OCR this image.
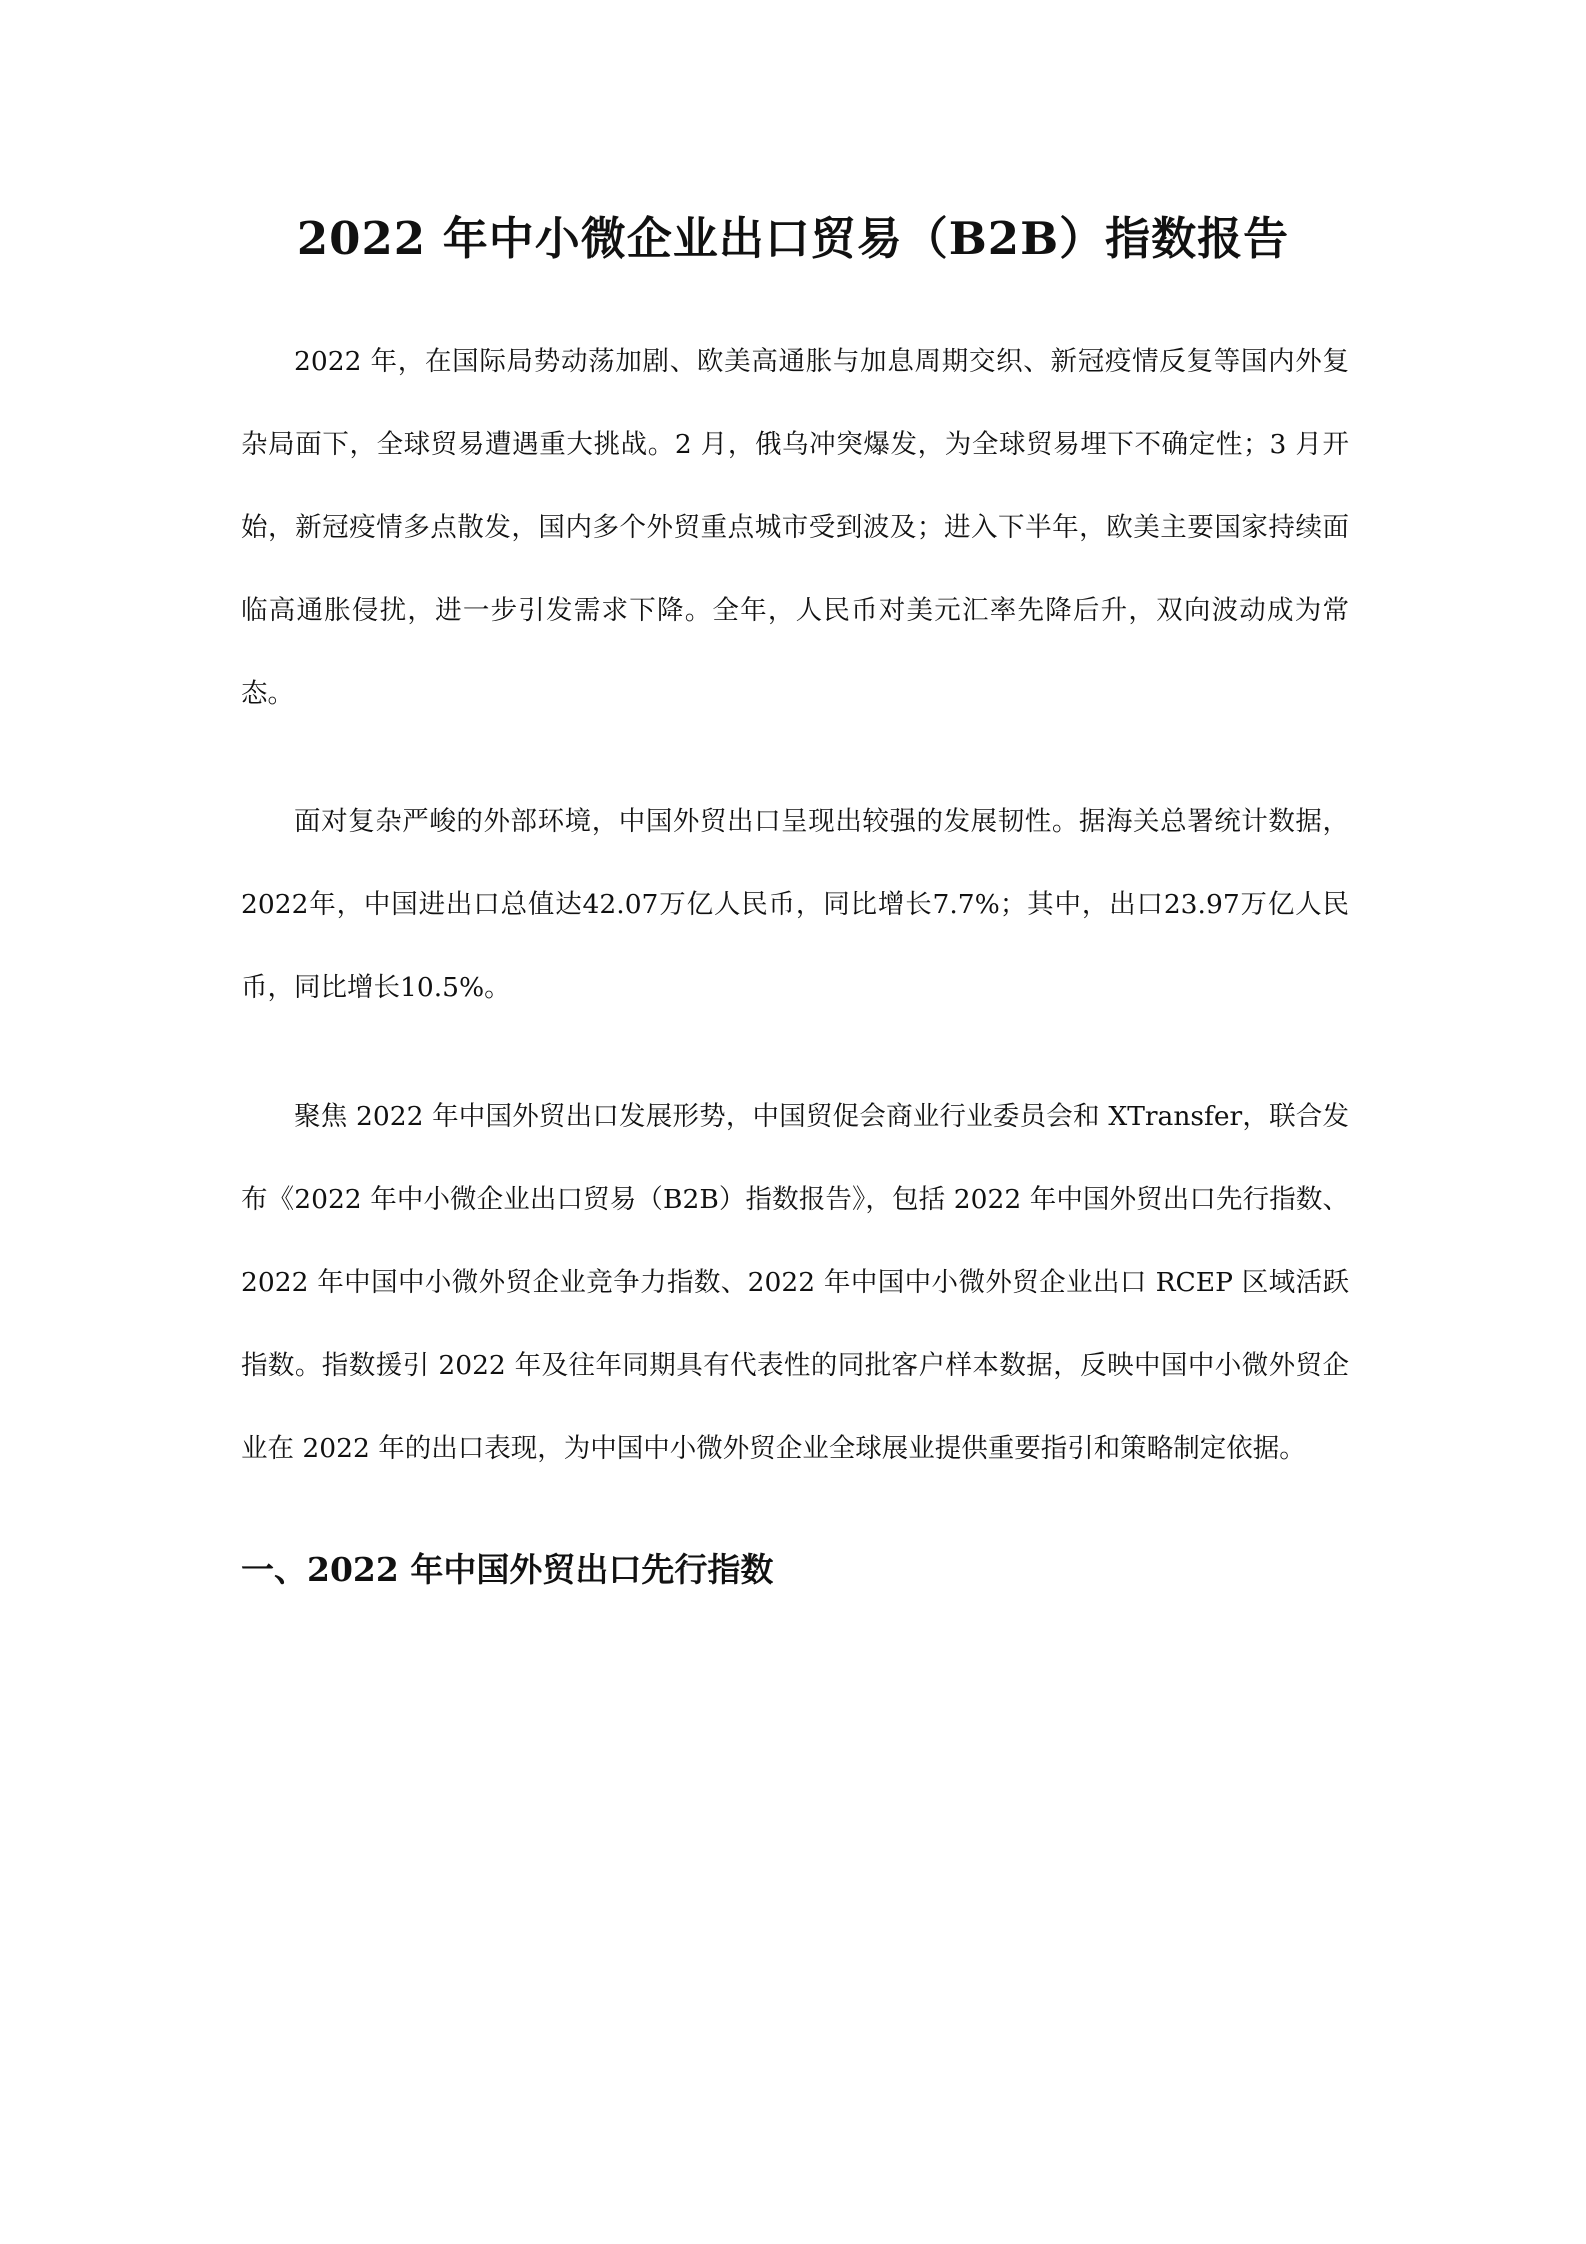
2022 年中小微企业出口贸易（B2B）指数报告

2022 年，在国际局势动荡加剧、欧美高通胀与加息周期交织、新冠疫情反复等国内外复杂局面下，全球贸易遭遇重大挑战。2 月，俄乌冲突爆发，为全球贸易埋下不确定性；3 月开始，新冠疫情多点散发，国内多个外贸重点城市受到波及；进入下半年，欧美主要国家持续面临高通胀侵扰，进一步引发需求下降。全年，人民币对美元汇率先降后升，双向波动成为常态。

面对复杂严峻的外部环境，中国外贸出口呈现出较强的发展韧性。据海关总署统计数据，2022年，中国进出口总值达42.07万亿人民币，同比增长7.7%；其中，出口23.97万亿人民币，同比增长10.5%。

聚焦 2022 年中国外贸出口发展形势，中国贸促会商业行业委员会和 XTransfer，联合发布《2022 年中小微企业出口贸易（B2B）指数报告》，包括 2022 年中国外贸出口先行指数、2022 年中国中小微外贸企业竞争力指数、2022 年中国中小微外贸企业出口 RCEP 区域活跃指数。指数援引 2022 年及往年同期具有代表性的同批客户样本数据，反映中国中小微外贸企业在 2022 年的出口表现，为中国中小微外贸企业全球展业提供重要指引和策略制定依据。

一、2022 年中国外贸出口先行指数
